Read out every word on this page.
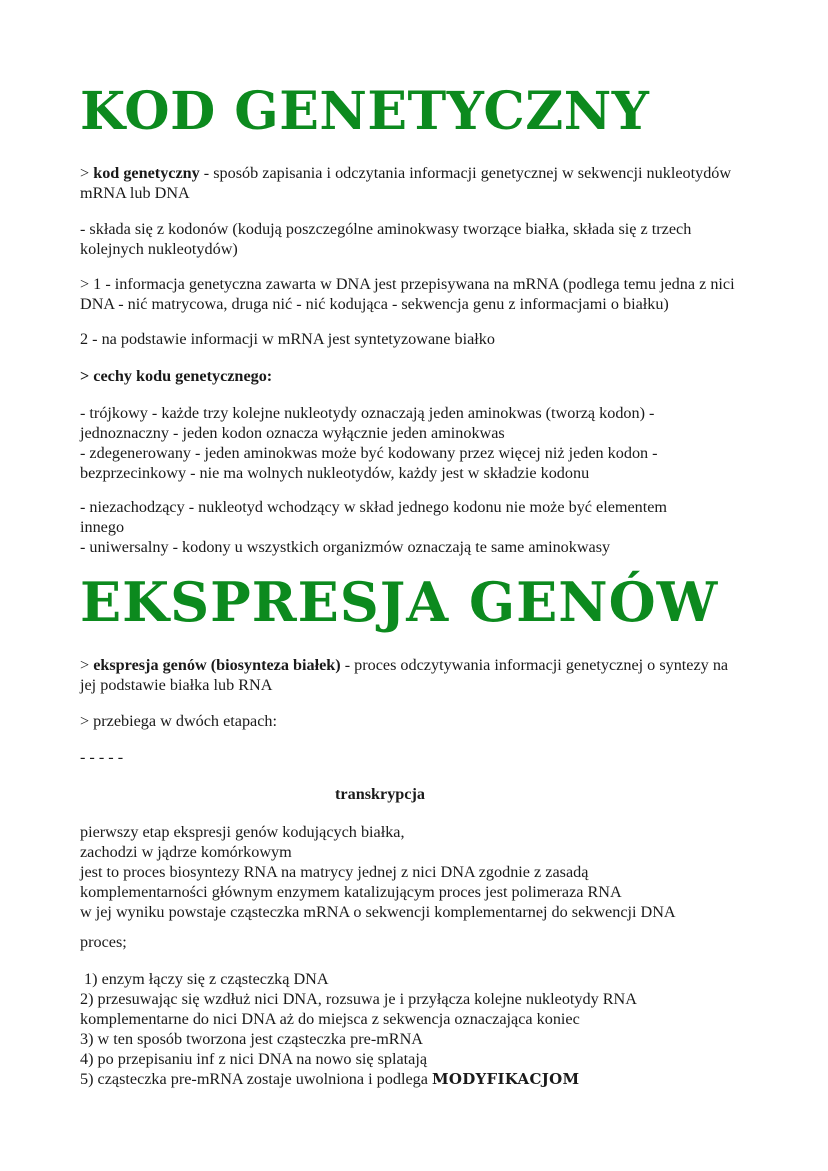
KOD GENETYCZNY

> kod genetyczny - sposób zapisania i odczytania informacji genetycznej w sekwencji nukleotydów mRNA lub DNA

- składa się z kodonów (kodują poszczególne aminokwasy tworzące białka, składa się z trzech kolejnych nukleotydów)

> 1 - informacja genetyczna zawarta w DNA jest przepisywana na mRNA (podlega temu jedna z nici DNA - nić matrycowa, druga nić - nić kodująca - sekwencja genu z informacjami o białku)

2 - na podstawie informacji w mRNA jest syntetyzowane białko

> cechy kodu genetycznego:

- trójkowy - każde trzy kolejne nukleotydy oznaczają jeden aminokwas (tworzą kodon) -
jednoznaczny - jeden kodon oznacza wyłącznie jeden aminokwas
- zdegenerowany - jeden aminokwas może być kodowany przez więcej niż jeden kodon -
bezprzecinkowy - nie ma wolnych nukleotydów, każdy jest w składzie kodonu

- niezachodzący - nukleotyd wchodzący w skład jednego kodonu nie może być elementem
innego
- uniwersalny - kodony u wszystkich organizmów oznaczają te same aminokwasy

EKSPRESJA GENÓW

> ekspresja genów (biosynteza białek) - proces odczytywania informacji genetycznej o syntezy na jej podstawie białka lub RNA

> przebiega w dwóch etapach:

- - - - -

transkrypcja

pierwszy etap ekspresji genów kodujących białka,
zachodzi w jądrze komórkowym
jest to proces biosyntezy RNA na matrycy jednej z nici DNA zgodnie z zasadą
komplementarności głównym enzymem katalizującym proces jest polimeraza RNA
w jej wyniku powstaje cząsteczka mRNA o sekwencji komplementarnej do sekwencji DNA

proces;

1) enzym łączy się z cząsteczką DNA
2) przesuwając się wzdłuż nici DNA, rozsuwa je i przyłącza kolejne nukleotydy RNA
komplementarne do nici DNA aż do miejsca z sekwencja oznaczająca koniec
3) w ten sposób tworzona jest cząsteczka pre-mRNA
4) po przepisaniu inf z nici DNA na nowo się splatają
5) cząsteczka pre-mRNA zostaje uwolniona i podlega MODYFIKACJOM
